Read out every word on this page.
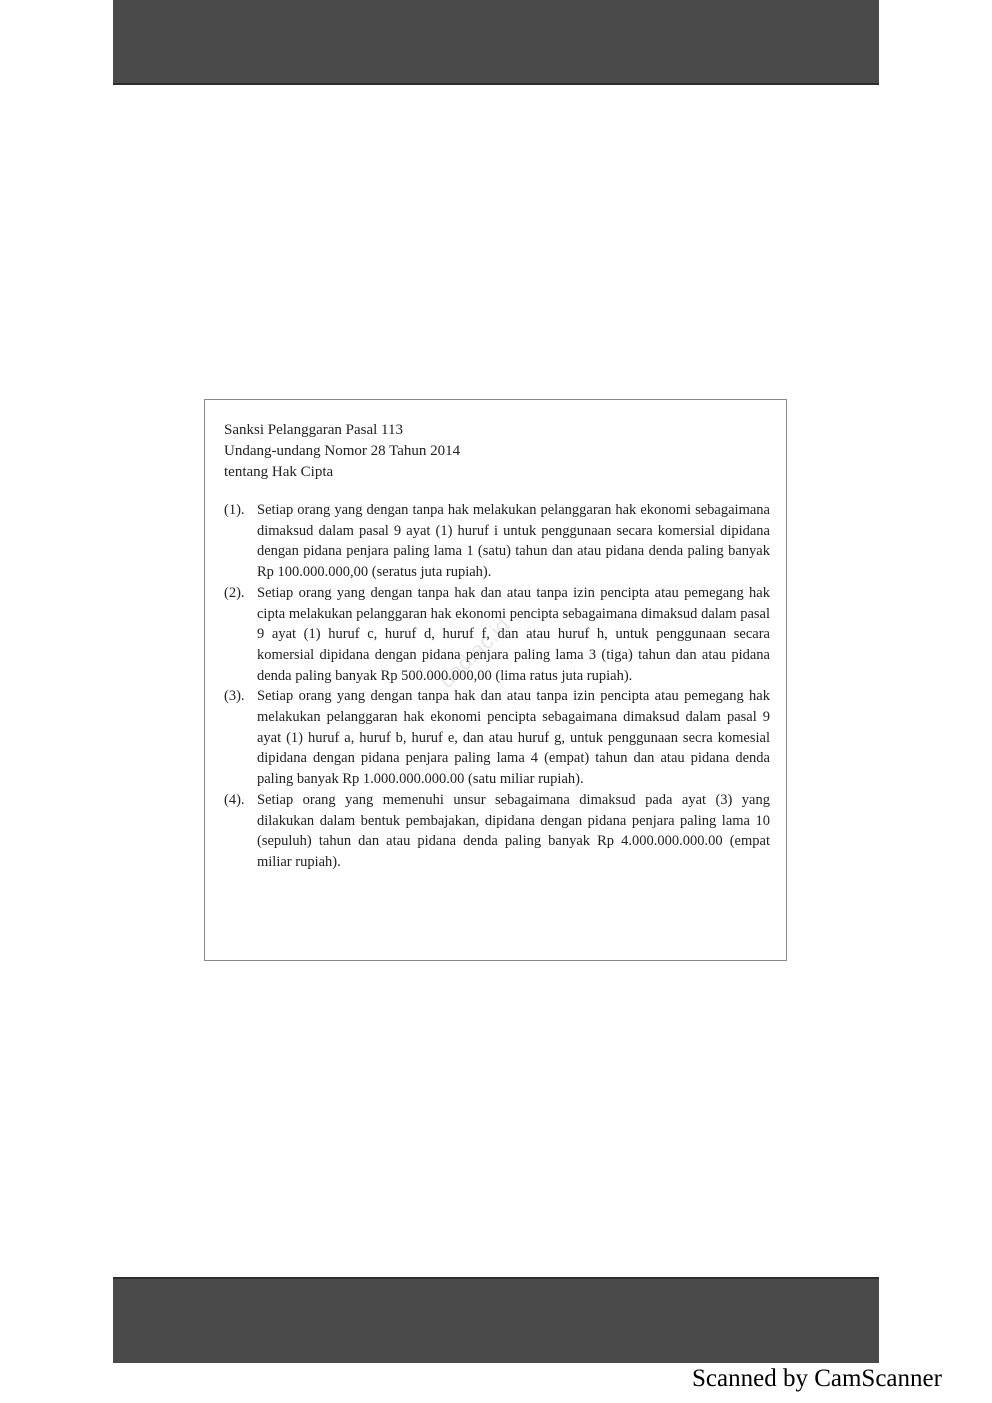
Sanksi Pelanggaran Pasal 113
Undang-undang Nomor 28 Tahun 2014
tentang Hak Cipta
(1). Setiap orang yang dengan tanpa hak melakukan pelanggaran hak ekonomi sebagaimana dimaksud dalam pasal 9 ayat (1) huruf i untuk penggunaan secara komersial dipidana dengan pidana penjara paling lama 1 (satu) tahun dan atau pidana denda paling banyak Rp 100.000.000,00 (seratus juta rupiah).
(2). Setiap orang yang dengan tanpa hak dan atau tanpa izin pencipta atau pemegang hak cipta melakukan pelanggaran hak ekonomi pencipta sebagaimana dimaksud dalam pasal 9 ayat (1) huruf c, huruf d, huruf f, dan atau huruf h, untuk penggunaan secara komersial dipidana dengan pidana penjara paling lama 3 (tiga) tahun dan atau pidana denda paling banyak Rp 500.000.000,00 (lima ratus juta rupiah).
(3). Setiap orang yang dengan tanpa hak dan atau tanpa izin pencipta atau pemegang hak melakukan pelanggaran hak ekonomi pencipta sebagaimana dimaksud dalam pasal 9 ayat (1) huruf a, huruf b, huruf e, dan atau huruf g, untuk penggunaan secra komesial dipidana dengan pidana penjara paling lama 4 (empat) tahun dan atau pidana denda paling banyak Rp 1.000.000.000.00 (satu miliar rupiah).
(4). Setiap orang yang memenuhi unsur sebagaimana dimaksud pada ayat (3) yang dilakukan dalam bentuk pembajakan, dipidana dengan pidana penjara paling lama 10 (sepuluh) tahun dan atau pidana denda paling banyak Rp 4.000.000.000.00 (empat miliar rupiah).
uad.ac.id
Scanned by CamScanner
